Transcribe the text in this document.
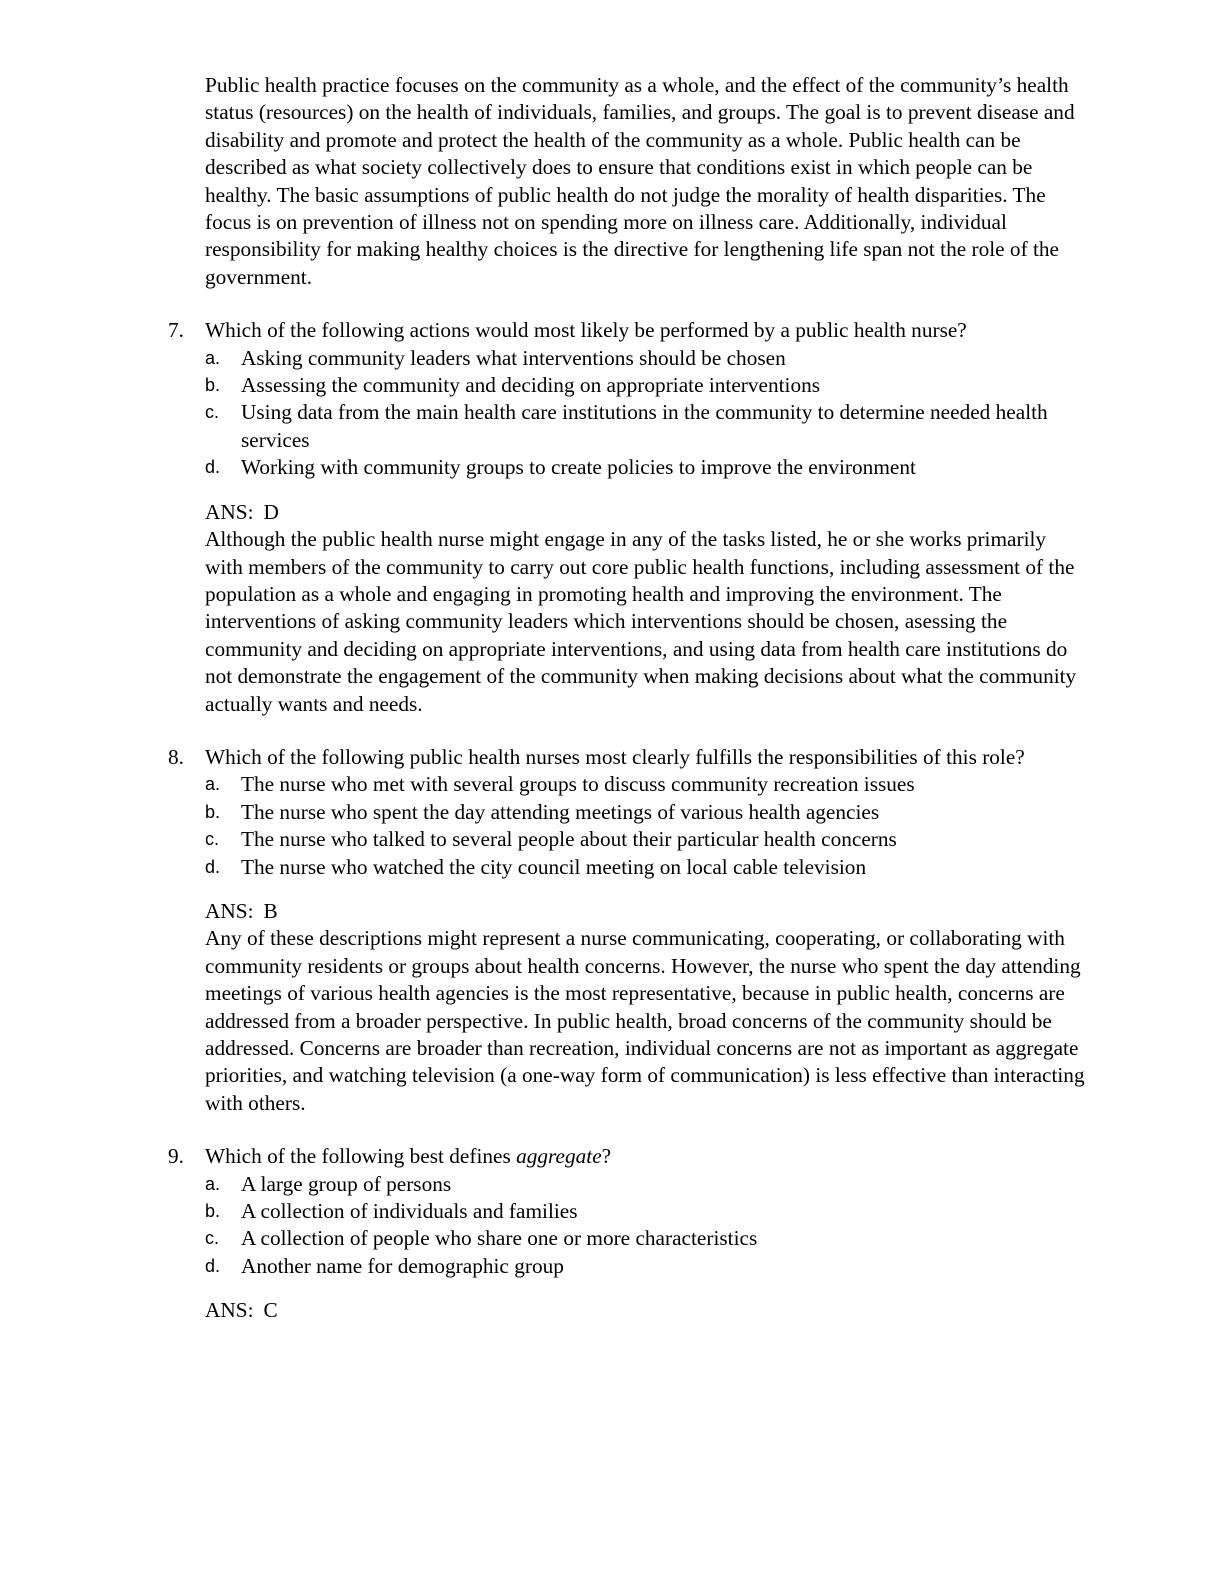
Public health practice focuses on the community as a whole, and the effect of the community’s health status (resources) on the health of individuals, families, and groups. The goal is to prevent disease and disability and promote and protect the health of the community as a whole. Public health can be described as what society collectively does to ensure that conditions exist in which people can be healthy. The basic assumptions of public health do not judge the morality of health disparities. The focus is on prevention of illness not on spending more on illness care. Additionally, individual responsibility for making healthy choices is the directive for lengthening life span not the role of the government.

7. Which of the following actions would most likely be performed by a public health nurse?

a. Asking community leaders what interventions should be chosen
b. Assessing the community and deciding on appropriate interventions
c. Using data from the main health care institutions in the community to determine needed health services
d. Working with community groups to create policies to improve the environment

ANS: D

Although the public health nurse might engage in any of the tasks listed, he or she works primarily with members of the community to carry out core public health functions, including assessment of the population as a whole and engaging in promoting health and improving the environment. The interventions of asking community leaders which interventions should be chosen, asessing the community and deciding on appropriate interventions, and using data from health care institutions do not demonstrate the engagement of the community when making decisions about what the community actually wants and needs.

8. Which of the following public health nurses most clearly fulfills the responsibilities of this role?

a. The nurse who met with several groups to discuss community recreation issues
b. The nurse who spent the day attending meetings of various health agencies
c. The nurse who talked to several people about their particular health concerns
d. The nurse who watched the city council meeting on local cable television

ANS: B

Any of these descriptions might represent a nurse communicating, cooperating, or collaborating with community residents or groups about health concerns. However, the nurse who spent the day attending meetings of various health agencies is the most representative, because in public health, concerns are addressed from a broader perspective. In public health, broad concerns of the community should be addressed. Concerns are broader than recreation, individual concerns are not as important as aggregate priorities, and watching television (a one-way form of communication) is less effective than interacting with others.

9. Which of the following best defines aggregate?

a. A large group of persons
b. A collection of individuals and families
c. A collection of people who share one or more characteristics
d. Another name for demographic group

ANS: C
